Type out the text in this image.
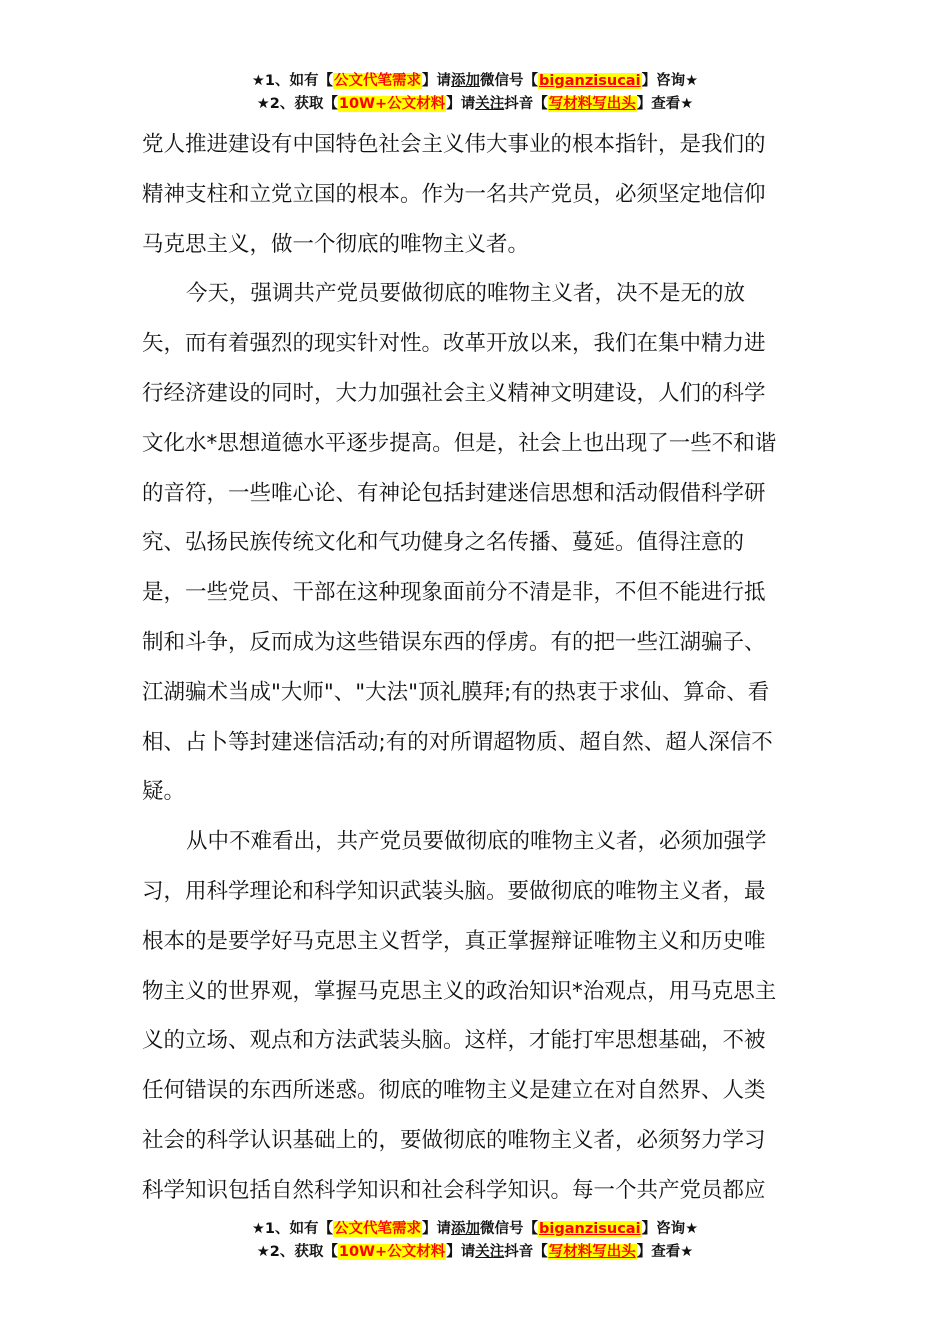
★1、如有【公文代笔需求】请添加微信号【biganzisucai】咨询★
★2、获取【10W+公文材料】请关注抖音【写材料写出头】查看★

党人推进建设有中国特色社会主义伟大事业的根本指针，是我们的
精神支柱和立党立国的根本。作为一名共产党员，必须坚定地信仰
马克思主义，做一个彻底的唯物主义者。

今天，强调共产党员要做彻底的唯物主义者，决不是无的放
矢，而有着强烈的现实针对性。改革开放以来，我们在集中精力进
行经济建设的同时，大力加强社会主义精神文明建设，人们的科学
文化水*思想道德水平逐步提高。但是，社会上也出现了一些不和谐
的音符，一些唯心论、有神论包括封建迷信思想和活动假借科学研
究、弘扬民族传统文化和气功健身之名传播、蔓延。值得注意的
是，一些党员、干部在这种现象面前分不清是非，不但不能进行抵
制和斗争，反而成为这些错误东西的俘虏。有的把一些江湖骗子、
江湖骗术当成"大师"、"大法"顶礼膜拜;有的热衷于求仙、算命、看
相、占卜等封建迷信活动;有的对所谓超物质、超自然、超人深信不
疑。

从中不难看出，共产党员要做彻底的唯物主义者，必须加强学
习，用科学理论和科学知识武装头脑。要做彻底的唯物主义者，最
根本的是要学好马克思主义哲学，真正掌握辩证唯物主义和历史唯
物主义的世界观，掌握马克思主义的政治知识*治观点，用马克思主
义的立场、观点和方法武装头脑。这样，才能打牢思想基础，不被
任何错误的东西所迷惑。彻底的唯物主义是建立在对自然界、人类
社会的科学认识基础上的，要做彻底的唯物主义者，必须努力学习
科学知识包括自然科学知识和社会科学知识。每一个共产党员都应

★1、如有【公文代笔需求】请添加微信号【biganzisucai】咨询★
★2、获取【10W+公文材料】请关注抖音【写材料写出头】查看★
